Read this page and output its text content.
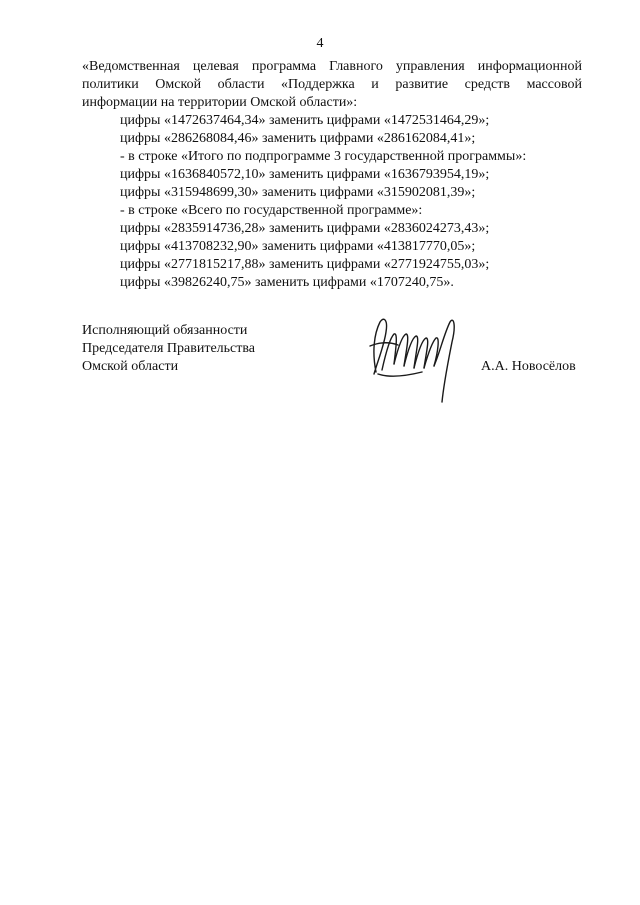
4
«Ведомственная целевая программа Главного управления информационной
политики Омской области «Поддержка и развитие средств массовой
информации на территории Омской области»:
цифры «1472637464,34» заменить цифрами «1472531464,29»;
цифры «286268084,46» заменить цифрами «286162084,41»;
- в строке «Итого по подпрограмме 3 государственной программы»:
цифры «1636840572,10» заменить цифрами «1636793954,19»;
цифры «315948699,30» заменить цифрами «315902081,39»;
- в строке «Всего по государственной программе»:
цифры «2835914736,28» заменить цифрами «2836024273,43»;
цифры «413708232,90» заменить цифрами «413817770,05»;
цифры «2771815217,88» заменить цифрами «2771924755,03»;
цифры «39826240,75» заменить цифрами «1707240,75».
Исполняющий обязанности
Председателя Правительства
Омской области	А.А. Новосёлов
